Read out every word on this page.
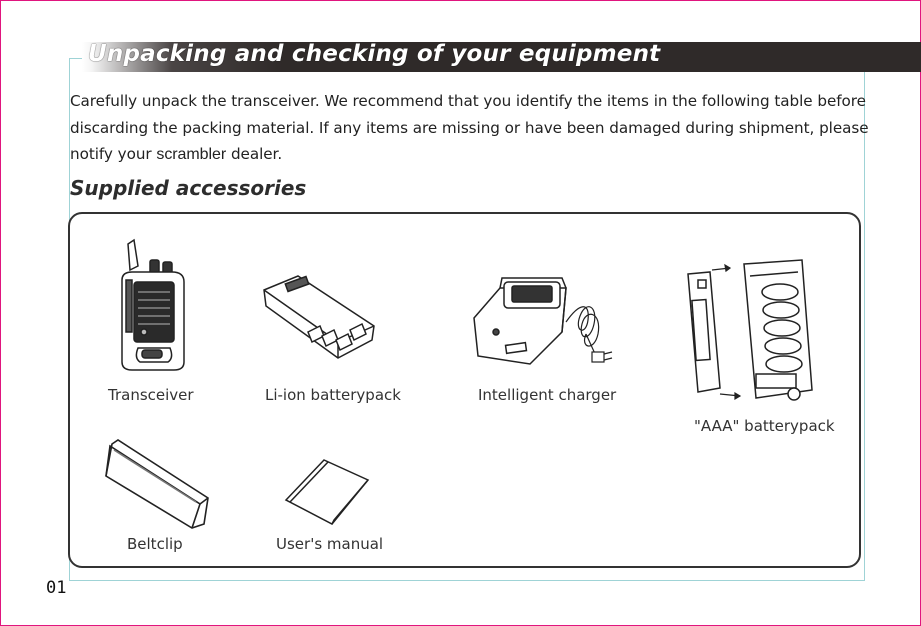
Unpacking and checking of your equipment
Carefully unpack the transceiver. We recommend that you identify the items in the following table before discarding the packing material. If any items are missing or have been damaged during shipment, please notify your scrambler dealer.
Supplied accessories
Transceiver	Li-ion batterypack	Intelligent charger
"AAA" batterypack
Beltclip	User's manual
01
